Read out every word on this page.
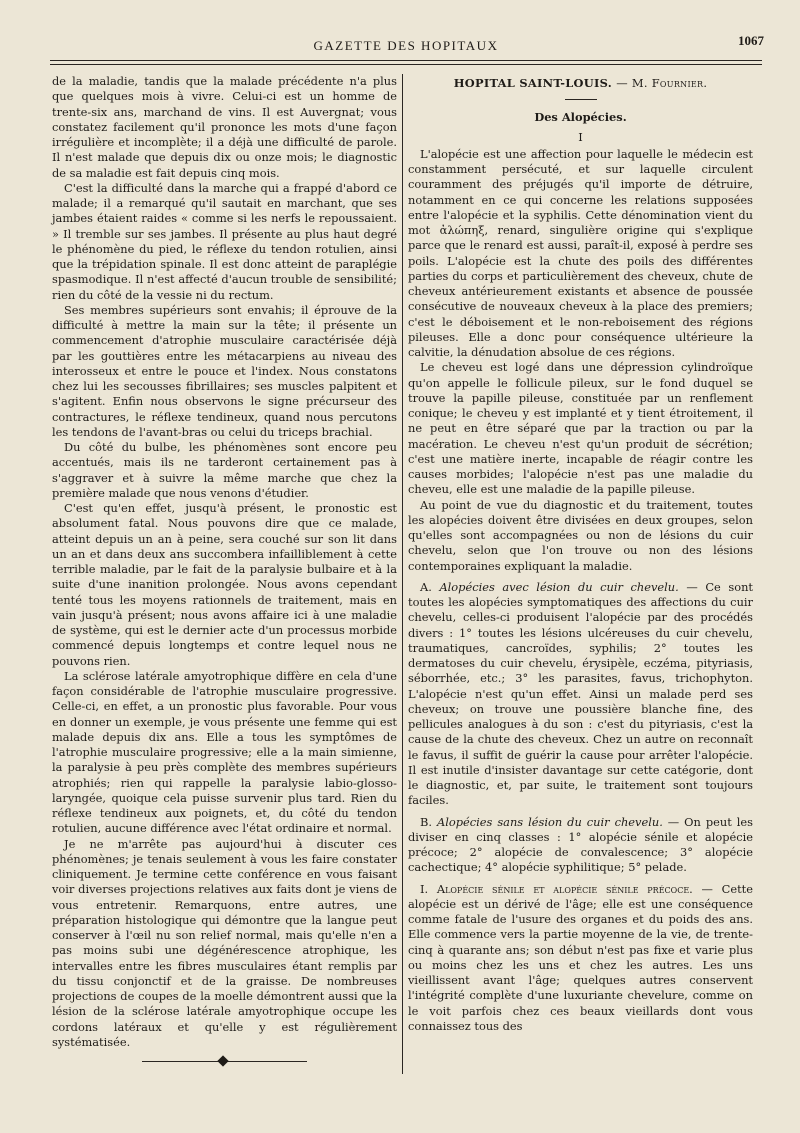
GAZETTE DES HOPITAUX	1067

de la maladie, tandis que la malade précédente n'a plus que quelques mois à vivre. Celui-ci est un homme de trente-six ans, marchand de vins. Il est Auvergnat; vous constatez facilement qu'il prononce les mots d'une façon irrégulière et incomplète; il a déjà une difficulté de parole. Il n'est malade que depuis dix ou onze mois; le diagnostic de sa maladie est fait depuis cinq mois.

C'est la difficulté dans la marche qui a frappé d'abord ce malade; il a remarqué qu'il sautait en marchant, que ses jambes étaient raides « comme si les nerfs le repoussaient. » Il tremble sur ses jambes. Il présente au plus haut degré le phénomène du pied, le réflexe du tendon rotulien, ainsi que la trépidation spinale. Il est donc atteint de paraplégie spasmodique. Il n'est affecté d'aucun trouble de sensibilité; rien du côté de la vessie ni du rectum.

Ses membres supérieurs sont envahis; il éprouve de la difficulté à mettre la main sur la tête; il présente un commencement d'atrophie musculaire caractérisée déjà par les gouttières entre les métacarpiens au niveau des interosseux et entre le pouce et l'index. Nous constatons chez lui les secousses fibrillaires; ses muscles palpitent et s'agitent. Enfin nous observons le signe précurseur des contractures, le réflexe tendineux, quand nous percutons les tendons de l'avant-bras ou celui du triceps brachial.

Du côté du bulbe, les phénomènes sont encore peu accentués, mais ils ne tarderont certainement pas à s'aggraver et à suivre la même marche que chez la première malade que nous venons d'étudier.

C'est qu'en effet, jusqu'à présent, le pronostic est absolument fatal. Nous pouvons dire que ce malade, atteint depuis un an à peine, sera couché sur son lit dans un an et dans deux ans succombera infailliblement à cette terrible maladie, par le fait de la paralysie bulbaire et à la suite d'une inanition prolongée. Nous avons cependant tenté tous les moyens rationnels de traitement, mais en vain jusqu'à présent; nous avons affaire ici à une maladie de système, qui est le dernier acte d'un processus morbide commencé depuis longtemps et contre lequel nous ne pouvons rien.

La sclérose latérale amyotrophique diffère en cela d'une façon considérable de l'atrophie musculaire progressive. Celle-ci, en effet, a un pronostic plus favorable. Pour vous en donner un exemple, je vous présente une femme qui est malade depuis dix ans. Elle a tous les symptômes de l'atrophie musculaire progressive; elle a la main simienne, la paralysie à peu près complète des membres supérieurs atrophiés; rien qui rappelle la paralysie labio-glosso-laryngée, quoique cela puisse survenir plus tard. Rien du réflexe tendineux aux poignets, et, du côté du tendon rotulien, aucune différence avec l'état ordinaire et normal.

Je ne m'arrête pas aujourd'hui à discuter ces phénomènes; je tenais seulement à vous les faire constater cliniquement. Je termine cette conférence en vous faisant voir diverses projections relatives aux faits dont je viens de vous entretenir. Remarquons, entre autres, une préparation histologique qui démontre que la langue peut conserver à l'œil nu son relief normal, mais qu'elle n'en a pas moins subi une dégénérescence atrophique, les intervalles entre les fibres musculaires étant remplis par du tissu conjonctif et de la graisse. De nombreuses projections de coupes de la moelle démontrent aussi que la lésion de la sclérose latérale amyotrophique occupe les cordons latéraux et qu'elle y est régulièrement systématisée.

HOPITAL SAINT-LOUIS. — M. Fournier.
Des Alopécies.
I

L'alopécie est une affection pour laquelle le médecin est constamment persécuté, et sur laquelle circulent couramment des préjugés qu'il importe de détruire, notamment en ce qui concerne les relations supposées entre l'alopécie et la syphilis. Cette dénomination vient du mot ἀλώπηξ, renard, singulière origine qui s'explique parce que le renard est aussi, paraît-il, exposé à perdre ses poils. L'alopécie est la chute des poils des différentes parties du corps et particulièrement des cheveux, chute de cheveux antérieurement existants et absence de poussée consécutive de nouveaux cheveux à la place des premiers; c'est le déboisement et le non-reboisement des régions pileuses. Elle a donc pour conséquence ultérieure la calvitie, la dénudation absolue de ces régions.

Le cheveu est logé dans une dépression cylindroïque qu'on appelle le follicule pileux, sur le fond duquel se trouve la papille pileuse, constituée par un renflement conique; le cheveu y est implanté et y tient étroitement, il ne peut en être séparé que par la traction ou par la macération. Le cheveu n'est qu'un produit de sécrétion; c'est une matière inerte, incapable de réagir contre les causes morbides; l'alopécie n'est pas une maladie du cheveu, elle est une maladie de la papille pileuse.

Au point de vue du diagnostic et du traitement, toutes les alopécies doivent être divisées en deux groupes, selon qu'elles sont accompagnées ou non de lésions du cuir chevelu, selon que l'on trouve ou non des lésions contemporaines expliquant la maladie.

A. Alopécies avec lésion du cuir chevelu. — Ce sont toutes les alopécies symptomatiques des affections du cuir chevelu, celles-ci produisent l'alopécie par des procédés divers : 1° toutes les lésions ulcéreuses du cuir chevelu, traumatiques, cancroïdes, syphilis; 2° toutes les dermatoses du cuir chevelu, érysipèle, eczéma, pityriasis, séborrhée, etc.; 3° les parasites, favus, trichophyton. L'alopécie n'est qu'un effet. Ainsi un malade perd ses cheveux; on trouve une poussière blanche fine, des pellicules analogues à du son : c'est du pityriasis, c'est la cause de la chute des cheveux. Chez un autre on reconnaît le favus, il suffit de guérir la cause pour arrêter l'alopécie. Il est inutile d'insister davantage sur cette catégorie, dont le diagnostic, et, par suite, le traitement sont toujours faciles.

B. Alopécies sans lésion du cuir chevelu. — On peut les diviser en cinq classes : 1° alopécie sénile et alopécie précoce; 2° alopécie de convalescence; 3° alopécie cachectique; 4° alopécie syphilitique; 5° pelade.

I. Alopécie sénile et alopécie sénile précoce. — Cette alopécie est un dérivé de l'âge; elle est une conséquence comme fatale de l'usure des organes et du poids des ans. Elle commence vers la partie moyenne de la vie, de trente-cinq à quarante ans; son début n'est pas fixe et varie plus ou moins chez les uns et chez les autres. Les uns vieillissent avant l'âge; quelques autres conservent l'intégrité complète d'une luxuriante chevelure, comme on le voit parfois chez ces beaux vieillards dont vous connaissez tous des
